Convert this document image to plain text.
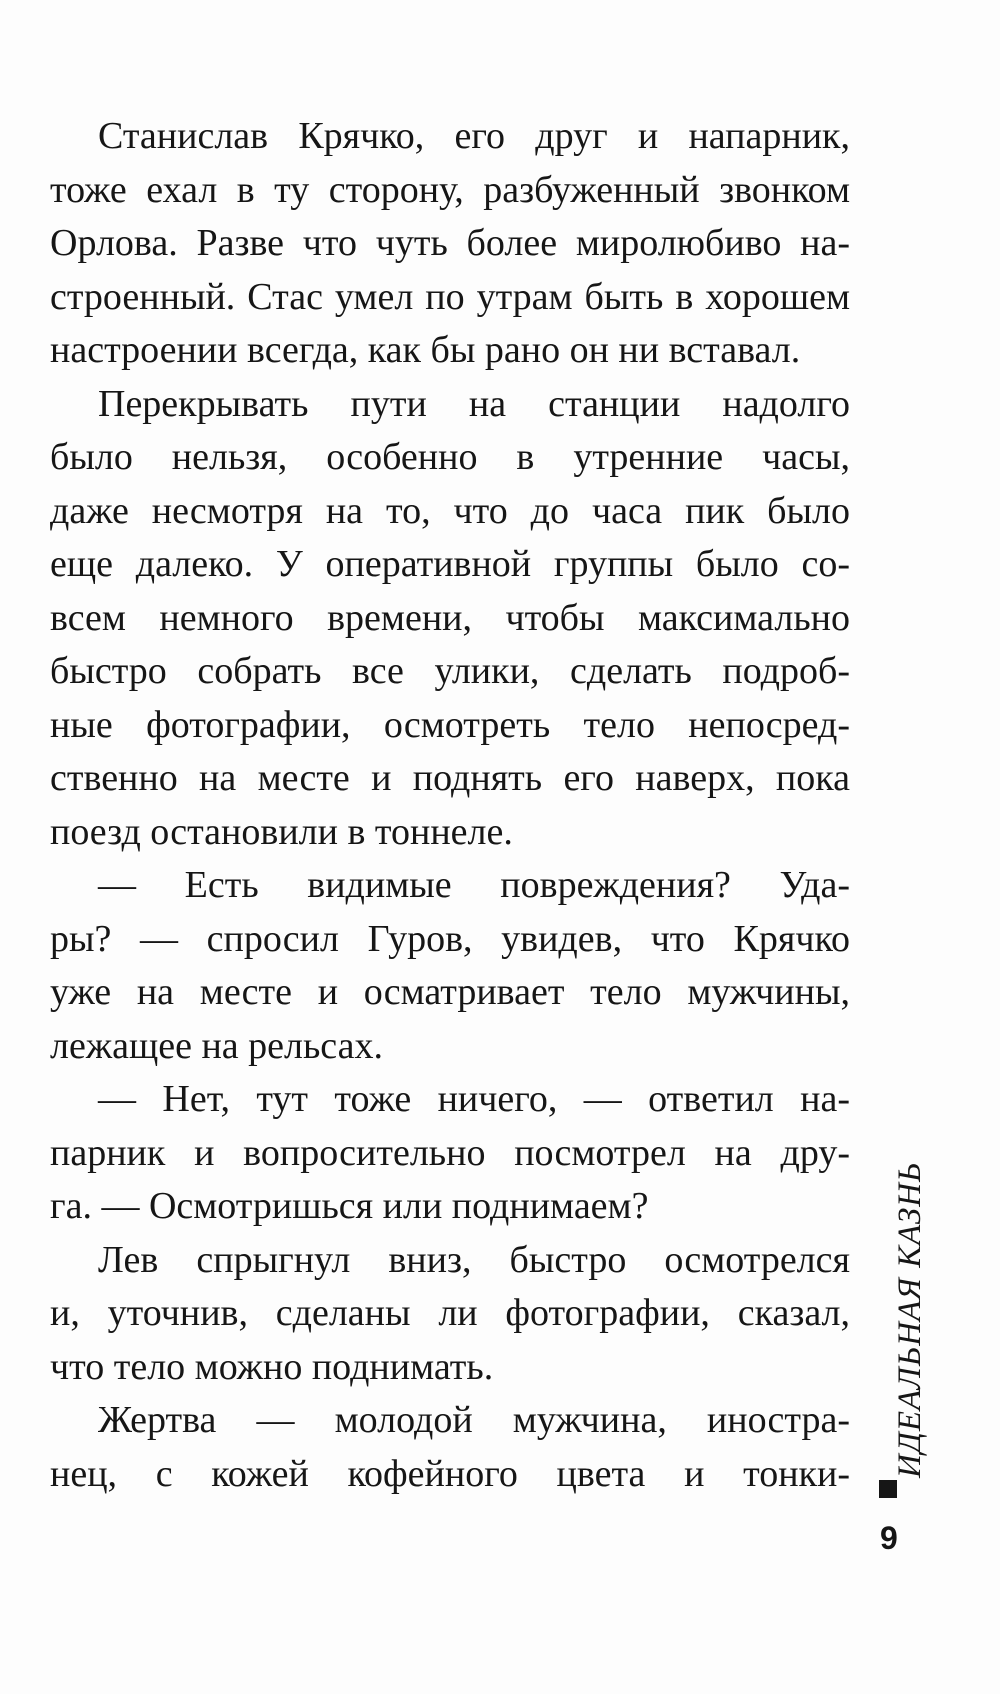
Станислав Крячко, его друг и напарник,
тоже ехал в ту сторону, разбуженный звонком
Орлова. Разве что чуть более миролюбиво на-
строенный. Стас умел по утрам быть в хорошем
настроении всегда, как бы рано он ни вставал.
Перекрывать пути на станции надолго
было нельзя, особенно в утренние часы,
даже несмотря на то, что до часа пик было
еще далеко. У оперативной группы было со-
всем немного времени, чтобы максимально
быстро собрать все улики, сделать подроб-
ные фотографии, осмотреть тело непосред-
ственно на месте и поднять его наверх, пока
поезд остановили в тоннеле.
— Есть видимые повреждения? Уда-
ры? — спросил Гуров, увидев, что Крячко
уже на месте и осматривает тело мужчины,
лежащее на рельсах.
— Нет, тут тоже ничего, — ответил на-
парник и вопросительно посмотрел на дру-
га. — Осмотришься или поднимаем?
Лев спрыгнул вниз, быстро осмотрелся
и, уточнив, сделаны ли фотографии, сказал,
что тело можно поднимать.
Жертва — молодой мужчина, иностра-
нец, с кожей кофейного цвета и тонки- ИДЕАЛЬНАЯ КАЗНЬ
9
